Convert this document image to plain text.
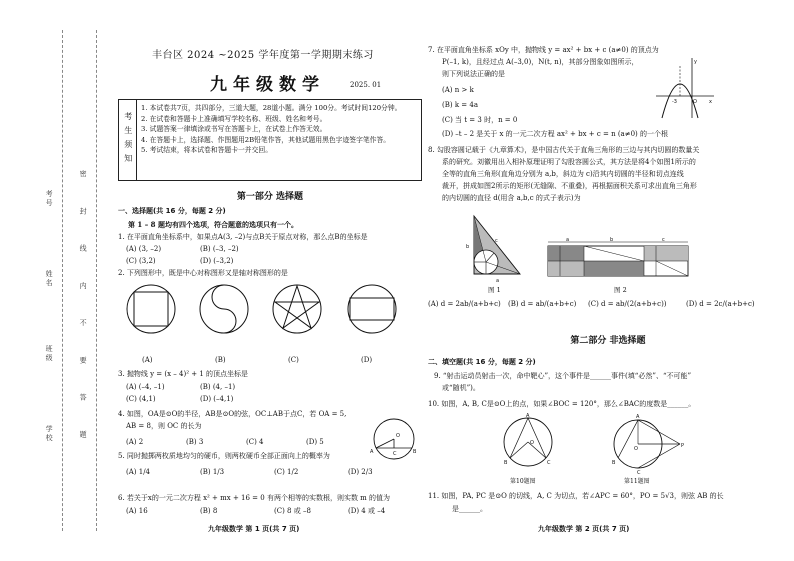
考号
姓名
班级
学校	密 封 线 内 不 要 答 题
丰台区 2024 ~2025 学年度第一学期期末练习
九年级数学	2025. 01
考生须知
1. 本试卷共7页，共四部分，三道大题，28道小题。满分 100分。考试时间120分钟。
2. 在试卷和答题卡上准确填写学校名称、班级、姓名和考号。
3. 试题答案一律填涂或书写在答题卡上，在试卷上作答无效。
4. 在答题卡上，选择题、作图题用2B铅笔作答，其他试题用黑色字迹签字笔作答。
5. 考试结束，将本试卷和答题卡一并交回。
第一部分 选择题
一、选择题(共 16 分，每题 2 分)
第 1 – 8 题均有四个选项，符合题意的选项只有一个。
1. 在平面直角坐标系中，如果点A(3, –2)与点B关于原点对称，那么点B的坐标是
(A) (3, –2)	(B) (–3, –2)
(C) (3,2)	(D) (–3,2)
2. 下列图形中，既是中心对称图形又是轴对称图形的是
(A)	(B)	(C)	(D)
3. 抛物线 y = (x – 4)² + 1 的顶点坐标是
(A) (–4, –1)	(B) (4, –1)
(C) (4,1)	(D) (–4,1)
4. 如图，OA是⊙O的半径，AB是⊙O的弦，OC⊥AB于点C，若 OA = 5,
AB = 8，则 OC 的长为
(A) 2	(B) 3	(C) 4	(D) 5
O
A	C	B
5. 同时抛掷两枚质地均匀的硬币，则两枚硬币全部正面向上的概率为
(A) 1/4	(B) 1/3	(C) 1/2	(D) 2/3
6. 若关于x的一元二次方程 x² + mx + 16 = 0 有两个相等的实数根，则实数 m 的值为
(A) 16	(B) 8	(C) 8 或 –8	(D) 4 或 –4
九年级数学 第 1 页(共 7 页)
7. 在平面直角坐标系 xOy 中，抛物线 y = ax² + bx + c (a≠0) 的顶点为
P(–1, k)，且经过点 A(–3,0)，N(t, n)，其部分图象如图所示，
则下列说法正确的是
(A) n > k
(B) k = 4a
(C) 当 t = 3 时，n = 0
(D) –t – 2 是关于 x 的一元二次方程 ax² + bx + c = n (a≠0) 的一个根
-3	O x
y
8. 勾股容圆记载于《九章算术》，是中国古代关于直角三角形的三边与其内切圆的数量关
系的研究。刘徽用出入相补原理证明了勾股容圆公式，其方法是将4个如图1所示的
全等的直角三角形(直角边分别为 a,b，斜边为 c)沿其内切圆的半径和切点连线
裁开，拼成如图2所示的矩形(无缝隙、不重叠)，再根据面积关系可求出直角三角形
的内切圆的直径 d(用含 a,b,c 的式子表示)为
b
c
a
图 1
a	b	c
图 2
(A) d = 2ab/(a+b+c)	(B) d = ab/(a+b+c)	(C) d = ab/(2(a+b+c))	(D) d = 2c/(a+b+c)
第二部分 非选择题
二、填空题(共 16 分，每题 2 分)
9. “射击运动员射击一次，命中靶心”，这个事件是______事件(填“必然”、“不可能”
或“随机”)。
10. 如图，A, B, C是⊙O上的点，如果∠BOC = 120°，那么∠BAC的度数是______。
A
O
B	C
第10题图
A
O
B
C
P
第11题图
11. 如图，PA, PC 是⊙O 的切线，A, C 为切点，若∠APC = 60°，PO = 5√3，则弦 AB 的长
是______。
九年级数学 第 2 页(共 7 页)
